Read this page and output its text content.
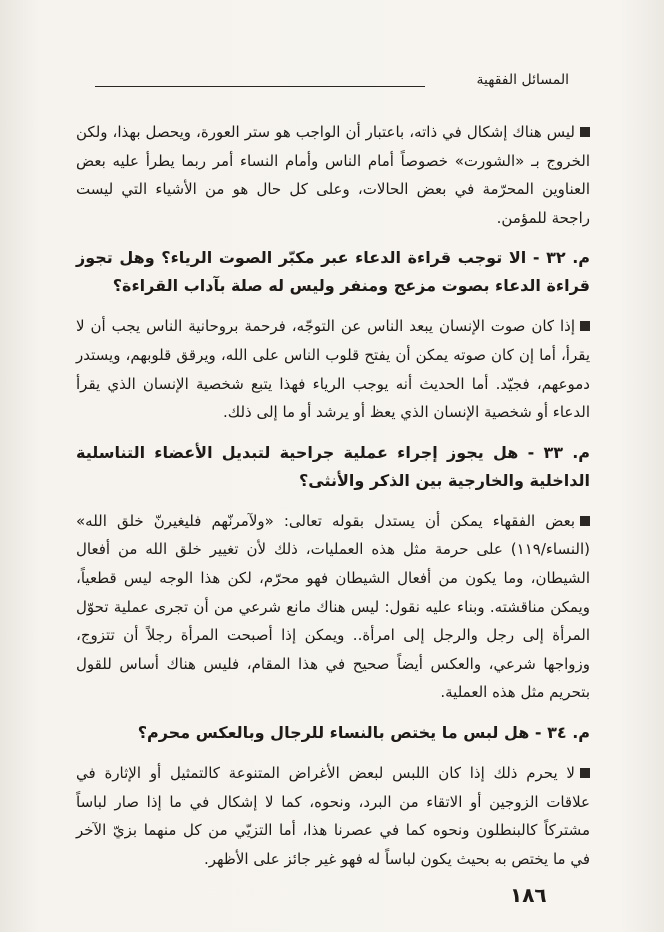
المسائل الفقهية

ليس هناك إشكال في ذاته، باعتبار أن الواجب هو ستر العورة، ويحصل بهذا، ولكن الخروج بـ «الشورت» خصوصاً أمام الناس وأمام النساء أمر ربما يطرأ عليه بعض العناوين المحرّمة في بعض الحالات، وعلى كل حال هو من الأشياء التي ليست راجحة للمؤمن.

م. ٣٢ - الا توجب قراءة الدعاء عبر مكبّر الصوت الرياء؟ وهل تجوز قراءة الدعاء بصوت مزعج ومنفر وليس له صلة بآداب القراءة؟

إذا كان صوت الإنسان يبعد الناس عن التوجّه، فرحمة بروحانية الناس يجب أن لا يقرأ، أما إن كان صوته يمكن أن يفتح قلوب الناس على الله، ويرقق قلوبهم، ويستدر دموعهم، فجيّد. أما الحديث أنه يوجب الرياء فهذا يتبع شخصية الإنسان الذي يقرأ الدعاء أو شخصية الإنسان الذي يعظ أو يرشد أو ما إلى ذلك.

م. ٣٣ - هل يجوز إجراء عملية جراحية لتبديل الأعضاء التناسلية الداخلية والخارجية بين الذكر والأنثى؟

بعض الفقهاء يمكن أن يستدل بقوله تعالى: «ولآمرنّهم فليغيرنّ خلق الله» (النساء/١١٩) على حرمة مثل هذه العمليات، ذلك لأن تغيير خلق الله من أفعال الشيطان، وما يكون من أفعال الشيطان فهو محرّم، لكن هذا الوجه ليس قطعياً، ويمكن مناقشته. وبناء عليه نقول: ليس هناك مانع شرعي من أن تجرى عملية تحوّل المرأة إلى رجل والرجل إلى امرأة.. ويمكن إذا أصبحت المرأة رجلاً أن تتزوج، وزواجها شرعي، والعكس أيضاً صحيح في هذا المقام، فليس هناك أساس للقول بتحريم مثل هذه العملية.

م. ٣٤ - هل لبس ما يختص بالنساء للرجال وبالعكس محرم؟

لا يحرم ذلك إذا كان اللبس لبعض الأغراض المتنوعة كالتمثيل أو الإثارة في علاقات الزوجين أو الاتقاء من البرد، ونحوه، كما لا إشكال في ما إذا صار لباساً مشتركاً كالبنطلون ونحوه كما في عصرنا هذا، أما التزيّي من كل منهما بزيّ الآخر في ما يختص به بحيث يكون لباساً له فهو غير جائز على الأظهر.

١٨٦
